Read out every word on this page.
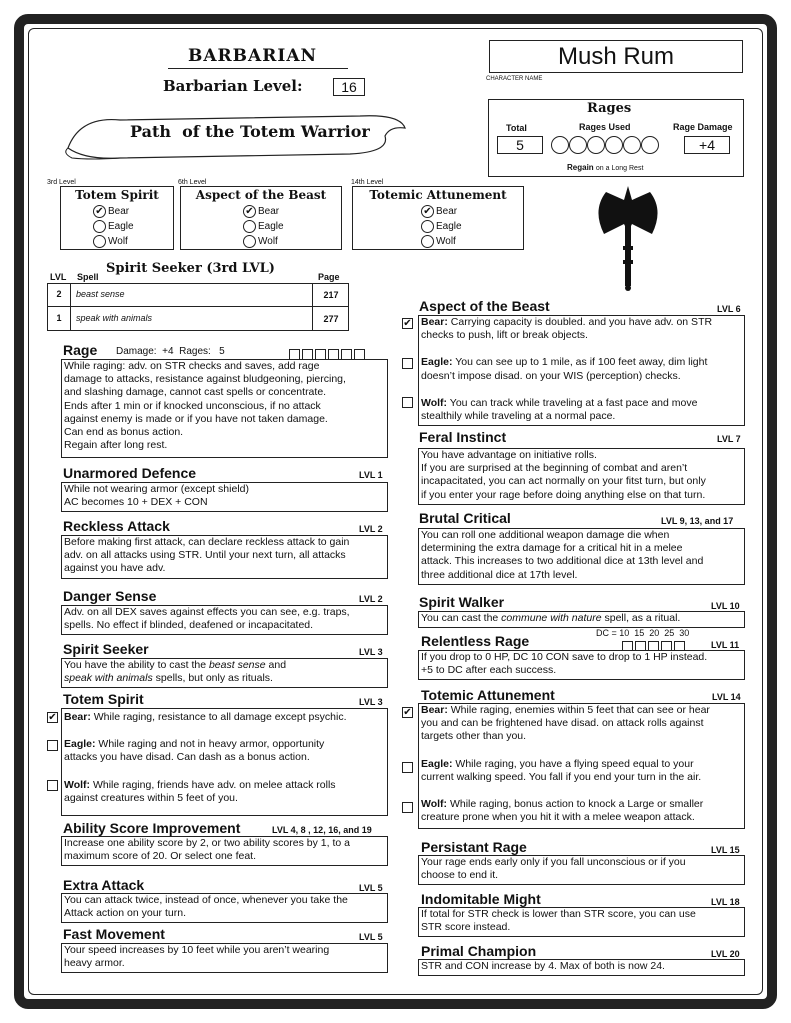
BARBARIAN
Barbarian Level:	16
Mush Rum
CHARACTER NAME
Path  of the Totem Warrior
Rages
Total	Rages Used	Rage Damage
5	+4
Regain on a Long Rest
3rd Level
Totem Spirit
✔ Bear
Eagle
Wolf
6th Level
Aspect of the Beast
✔ Bear
Eagle
Wolf
14th Level
Totemic Attunement
✔ Bear
Eagle
Wolf
Spirit Seeker (3rd LVL)
LVL Spell	Page
2	beast sense	217
1	speak with animals	277
Rage Damage: +4 Rages: 5
While raging: adv. on STR checks and saves, add rage
damage to attacks, resistance against bludgeoning, piercing,
and slashing damage, cannot cast spells or concentrate.
Ends after 1 min or if knocked unconscious, if no attack
against enemy is made or if you have not taken damage.
Can end as bonus action.
Regain after long rest.
Unarmored Defence	LVL 1
While not wearing armor (except shield)
AC becomes 10 + DEX + CON
Reckless Attack	LVL 2
Before making first attack, can declare reckless attack to gain
adv. on all attacks using STR. Until your next turn, all attacks
against you have adv.
Danger Sense	LVL 2
Adv. on all DEX saves against effects you can see, e.g. traps,
spells. No effect if blinded, deafened or incapacitated.
Spirit Seeker	LVL 3
You have the ability to cast the beast sense and
speak with animals spells, but only as rituals.
Totem Spirit	LVL 3
Bear: While raging, resistance to all damage except psychic.
Eagle: While raging and not in heavy armor, opportunity
attacks you have disad. Can dash as a bonus action.
Wolf: While raging, friends have adv. on melee attack rolls
against creatures within 5 feet of you.
✔
Ability Score Improvement	LVL 4, 8 , 12, 16, and 19
Increase one ability score by 2, or two ability scores by 1, to a
maximum score of 20. Or select one feat.
Extra Attack	LVL 5
You can attack twice, instead of once, whenever you take the
Attack action on your turn.
Fast Movement	LVL 5
Your speed increases by 10 feet while you aren’t wearing
heavy armor.
Aspect of the Beast	LVL 6
Bear: Carrying capacity is doubled. and you have adv. on STR
checks to push, lift or break objects.
Eagle: You can see up to 1 mile, as if 100 feet away, dim light
doesn’t impose disad. on your WIS (perception) checks.
Wolf: You can track while traveling at a fast pace and move
stealthily while traveling at a normal pace.
✔
Feral Instinct	LVL 7
You have advantage on initiative rolls.
If you are surprised at the beginning of combat and aren’t
incapacitated, you can act normally on your fitst turn, but only
if you enter your rage before doing anything else on that turn.
Brutal Critical	LVL 9, 13, and 17
You can roll one additional weapon damage die when
determining the extra damage for a critical hit in a melee
attack. This increases to two additional dice at 13th level and
three additional dice at 17th level.
Spirit Walker	LVL 10
You can cast the commune with nature spell, as a ritual.
Relentless Rage	DC = 10  15  20  25  30
LVL 11
If you drop to 0 HP, DC 10 CON save to drop to 1 HP instead.
+5 to DC after each success.
Totemic Attunement	LVL 14
Bear: While raging, enemies within 5 feet that can see or hear
you and can be frightened have disad. on attack rolls against
targets other than you.
Eagle: While raging, you have a flying speed equal to your
current walking speed. You fall if you end your turn in the air.
Wolf: While raging, bonus action to knock a Large or smaller
creature prone when you hit it with a melee weapon attack.
✔
Persistant Rage	LVL 15
Your rage ends early only if you fall unconscious or if you
choose to end it.
Indomitable Might	LVL 18
If total for STR check is lower than STR score, you can use
STR score instead.
Primal Champion	LVL 20
STR and CON increase by 4. Max of both is now 24.
